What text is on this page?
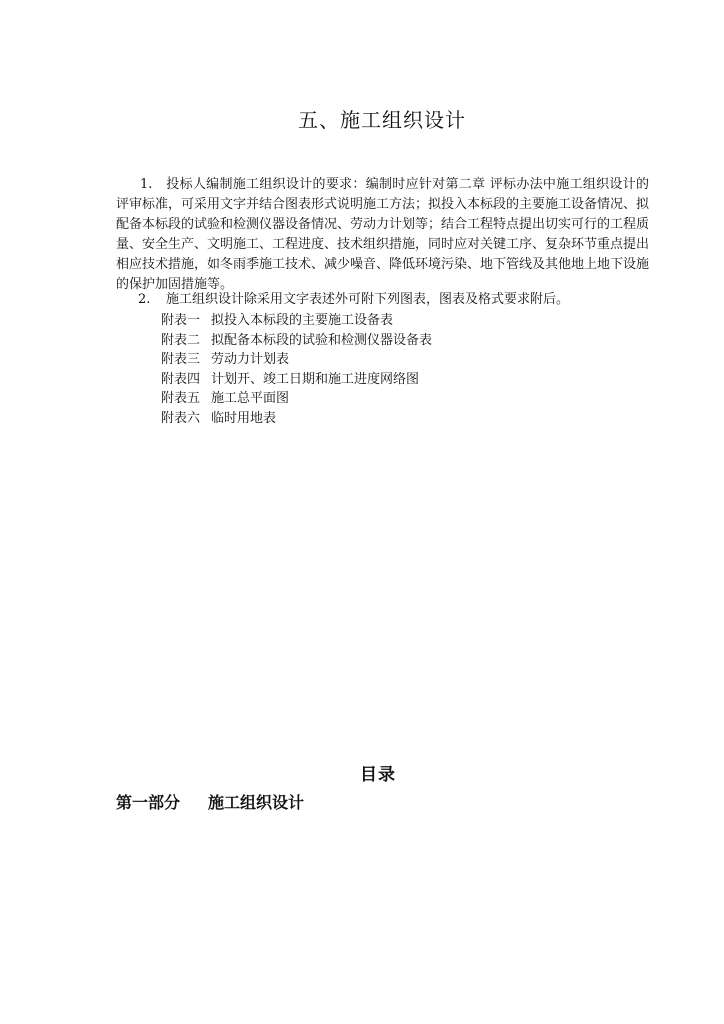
五、施工组织设计
1. 投标人编制施工组织设计的要求：编制时应针对第二章 评标办法中施工组织设计的评审标准，可采用文字并结合图表形式说明施工方法；拟投入本标段的主要施工设备情况、拟配备本标段的试验和检测仪器设备情况、劳动力计划等；结合工程特点提出切实可行的工程质量、安全生产、文明施工、工程进度、技术组织措施，同时应对关键工序、复杂环节重点提出相应技术措施，如冬雨季施工技术、减少噪音、降低环境污染、地下管线及其他地上地下设施的保护加固措施等。
2. 施工组织设计除采用文字表述外可附下列图表，图表及格式要求附后。
附表一 拟投入本标段的主要施工设备表
附表二 拟配备本标段的试验和检测仪器设备表
附表三 劳动力计划表
附表四 计划开、竣工日期和施工进度网络图
附表五 施工总平面图
附表六 临时用地表
目录
第一部分 施工组织设计
